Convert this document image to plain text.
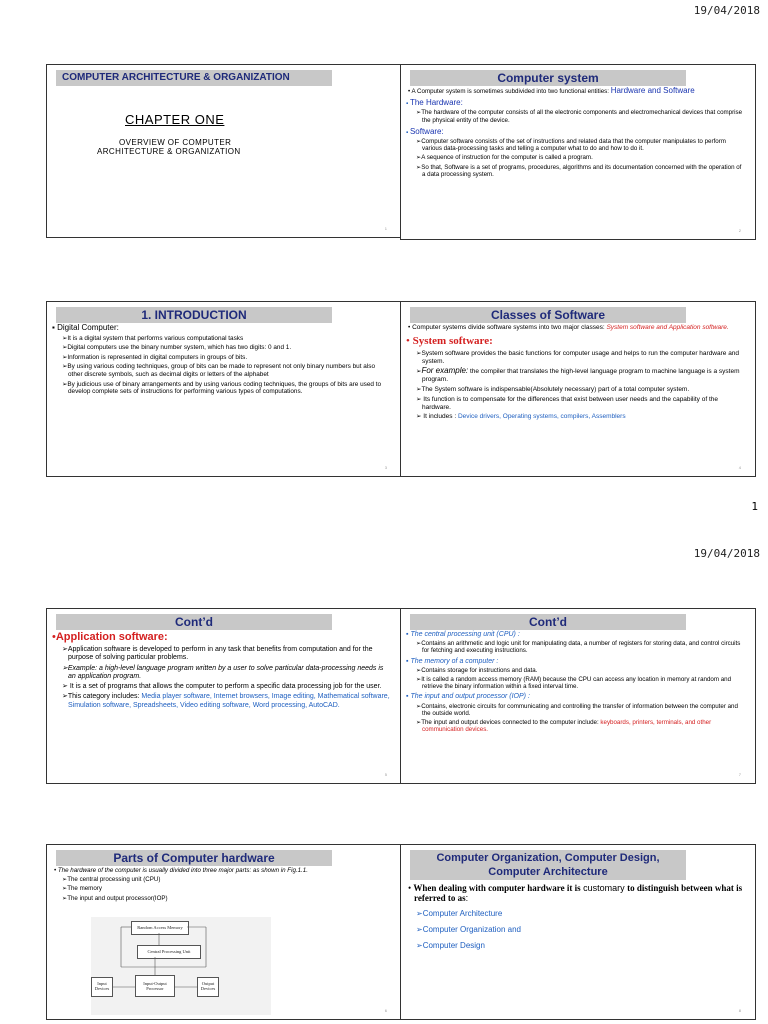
19/04/2018
COMPUTER ARCHITECTURE & ORGANIZATION
CHAPTER ONE
OVERVIEW OF COMPUTER
ARCHITECTURE & ORGANIZATION
1
Computer system

• A Computer system is sometimes subdivided into two functional entities: Hardware and Software

▪ The Hardware:

➢The hardware of the computer consists of all the electronic components and electromechanical devices that comprise the physical entity of the device.

▪ Software:

➢Computer software consists of the set of instructions and related data that the computer manipulates to perform various data-processing tasks and telling a computer what to do and how to do it.

➢A sequence of instruction for the computer is called a program.

➢So that, Software is a set of programs, procedures, algorithms and its documentation concerned with the operation of a data processing system.

2
1. INTRODUCTION

▪ Digital Computer:

➢It is a digital system that performs various computational tasks

➢Digital computers use the binary number system, which has two digits: 0 and 1.

➢Information is represented in digital computers in groups of bits.

➢By using various coding techniques, group of bits can be made to represent not only binary numbers but also other discrete symbols, such as decimal digits or letters of the alphabet

➢By judicious use of binary arrangements and by using various coding techniques, the groups of bits are used to develop complete sets of instructions for performing various types of computations.

3
Classes of Software

• Computer systems divide software systems into two major classes: System software and Application software.

• System software:

➢System software provides the basic functions for computer usage and helps to run the computer hardware and system.

➢For example: the compiler that translates the high-level language program to machine language is a system program.

➢The System software is indispensable(Absolutely necessary) part of a total computer system.

➢ Its function is to compensate for the differences that exist between user needs and the capability of the hardware.

➢ It includes : Device drivers, Operating systems, compilers, Assemblers

4
1
19/04/2018
Cont’d

•Application software:

➢Application software is developed to perform in any task that benefits from computation and for the purpose of solving particular problems.

➢Example: a high-level language program written by a user to solve particular data-processing needs is an application program.

➢ It is a set of programs that allows the computer to perform a specific data processing job for the user.

➢This category includes: Media player software, Internet browsers, Image editing, Mathematical software, Simulation software, Spreadsheets, Video editing software, Word processing, AutoCAD.

5
Cont’d

▪ The central processing unit (CPU) :

➢Contains an arithmetic and logic unit for manipulating data, a number of registers for storing data, and control circuits for fetching and executing instructions.

▪ The memory of a computer :

➢Contains storage for instructions and data.

➢It is called a random access memory (RAM) because the CPU can access any location in memory at random and retrieve the binary information within a fixed interval time.

▪ The input and output processor (IOP) :

➢Contains, electronic circuits for communicating and controlling the transfer of information between the computer and the outside world.

➢The input and output devices connected to the computer include: keyboards, printers, terminals, and other communication devices.

7
Parts of Computer hardware

• The hardware of the computer is usually divided into three major parts: as shown in Fig.1.1.

➢The central processing unit (CPU)

➢The memory

➢The input and output processor(IOP)

Random Access Memory
Central Processing Unit
Input Devices
Input-Output Processor
Output Devices
6
Computer Organization, Computer Design,
Computer Architecture

• When dealing with computer hardware it is customary to distinguish between what is referred to as:

➢Computer Architecture

➢Computer Organization and

➢Computer Design

8
